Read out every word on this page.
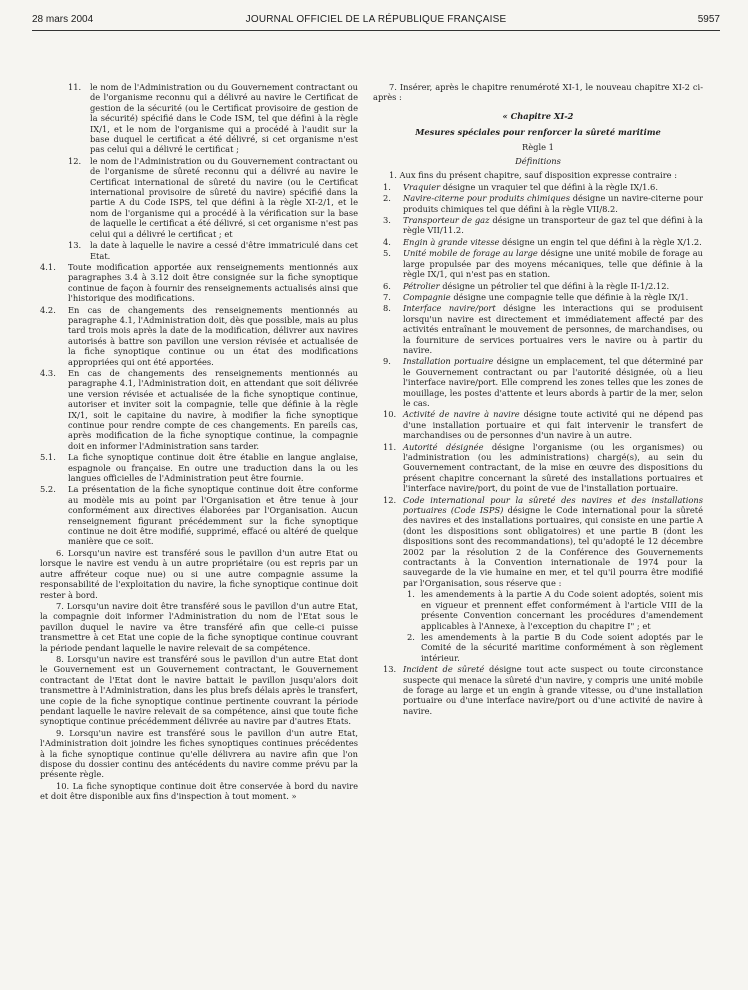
28 mars 2004	JOURNAL OFFICIEL DE LA RÉPUBLIQUE FRANÇAISE	5957
11. le nom de l'Administration ou du Gouvernement contractant ou de l'organisme reconnu qui a délivré au navire le Certificat de gestion de la sécurité (ou le Certificat provisoire de gestion de la sécurité) spécifié dans le Code ISM, tel que défini à la règle IX/1, et le nom de l'organisme qui a procédé à l'audit sur la base duquel le certificat a été délivré, si cet organisme n'est pas celui qui a délivré le certificat ;
12. le nom de l'Administration ou du Gouvernement contractant ou de l'organisme de sûreté reconnu qui a délivré au navire le Certificat international de sûreté du navire (ou le Certificat international provisoire de sûreté du navire) spécifié dans la partie A du Code ISPS, tel que défini à la règle XI-2/1, et le nom de l'organisme qui a procédé à la vérification sur la base de laquelle le certificat a été délivré, si cet organisme n'est pas celui qui a délivré le certificat ; et
13. la date à laquelle le navire a cessé d'être immatriculé dans cet Etat.
4.1. Toute modification apportée aux renseignements mentionnés aux paragraphes 3.4 à 3.12 doit être consignée sur la fiche synoptique continue de façon à fournir des renseignements actualisés ainsi que l'historique des modifications.
4.2. En cas de changements des renseignements mentionnés au paragraphe 4.1, l'Administration doit, dès que possible, mais au plus tard trois mois après la date de la modification, délivrer aux navires autorisés à battre son pavillon une version révisée et actualisée de la fiche synoptique continue ou un état des modifications appropriées qui ont été apportées.
4.3. En cas de changements des renseignements mentionnés au paragraphe 4.1, l'Administration doit, en attendant que soit délivrée une version révisée et actualisée de la fiche synoptique continue, autoriser et inviter soit la compagnie, telle que définie à la règle IX/1, soit le capitaine du navire, à modifier la fiche synoptique continue pour rendre compte de ces changements. En pareils cas, après modification de la fiche synoptique continue, la compagnie doit en informer l'Administration sans tarder.
5.1. La fiche synoptique continue doit être établie en langue anglaise, espagnole ou française. En outre une traduction dans la ou les langues officielles de l'Administration peut être fournie.
5.2. La présentation de la fiche synoptique continue doit être conforme au modèle mis au point par l'Organisation et être tenue à jour conformément aux directives élaborées par l'Organisation. Aucun renseignement figurant précédemment sur la fiche synoptique continue ne doit être modifié, supprimé, effacé ou altéré de quelque manière que ce soit.

6. Lorsqu'un navire est transféré sous le pavillon d'un autre Etat ou lorsque le navire est vendu à un autre propriétaire (ou est repris par un autre affréteur coque nue) ou si une autre compagnie assume la responsabilité de l'exploitation du navire, la fiche synoptique continue doit rester à bord.

7. Lorsqu'un navire doit être transféré sous le pavillon d'un autre Etat, la compagnie doit informer l'Administration du nom de l'Etat sous le pavillon duquel le navire va être transféré afin que celle-ci puisse transmettre à cet Etat une copie de la fiche synoptique continue couvrant la période pendant laquelle le navire relevait de sa compétence.

8. Lorsqu'un navire est transféré sous le pavillon d'un autre Etat dont le Gouvernement est un Gouvernement contractant, le Gouvernement contractant de l'Etat dont le navire battait le pavillon jusqu'alors doit transmettre à l'Administration, dans les plus brefs délais après le transfert, une copie de la fiche synoptique continue pertinente couvrant la période pendant laquelle le navire relevait de sa compétence, ainsi que toute fiche synoptique continue précédemment délivrée au navire par d'autres Etats.

9. Lorsqu'un navire est transféré sous le pavillon d'un autre Etat, l'Administration doit joindre les fiches synoptiques continues précédentes à la fiche synoptique continue qu'elle délivrera au navire afin que l'on dispose du dossier continu des antécédents du navire comme prévu par la présente règle.

10. La fiche synoptique continue doit être conservée à bord du navire et doit être disponible aux fins d'inspection à tout moment. »

7. Insérer, après le chapitre renuméroté XI-1, le nouveau chapitre XI-2 ci-après :

« Chapitre XI-2

Mesures spéciales pour renforcer la sûreté maritime

Règle 1

Définitions

1. Aux fins du présent chapitre, sauf disposition expresse contraire :

1. Vraquier désigne un vraquier tel que défini à la règle IX/1.6.
2. Navire-citerne pour produits chimiques désigne un navire-citerne pour produits chimiques tel que défini à la règle VII/8.2.
3. Transporteur de gaz désigne un transporteur de gaz tel que défini à la règle VII/11.2.
4. Engin à grande vitesse désigne un engin tel que défini à la règle X/1.2.
5. Unité mobile de forage au large désigne une unité mobile de forage au large propulsée par des moyens mécaniques, telle que définie à la règle IX/1, qui n'est pas en station.
6. Pétrolier désigne un pétrolier tel que défini à la règle II-1/2.12.
7. Compagnie désigne une compagnie telle que définie à la règle IX/1.
8. Interface navire/port désigne les interactions qui se produisent lorsqu'un navire est directement et immédiatement affecté par des activités entraînant le mouvement de personnes, de marchandises, ou la fourniture de services portuaires vers le navire ou à partir du navire.
9. Installation portuaire désigne un emplacement, tel que déterminé par le Gouvernement contractant ou par l'autorité désignée, où a lieu l'interface navire/port. Elle comprend les zones telles que les zones de mouillage, les postes d'attente et leurs abords à partir de la mer, selon le cas.
10. Activité de navire à navire désigne toute activité qui ne dépend pas d'une installation portuaire et qui fait intervenir le transfert de marchandises ou de personnes d'un navire à un autre.
11. Autorité désignée désigne l'organisme (ou les organismes) ou l'administration (ou les administrations) chargé(s), au sein du Gouvernement contractant, de la mise en œuvre des dispositions du présent chapitre concernant la sûreté des installations portuaires et l'interface navire/port, du point de vue de l'installation portuaire.
12. Code international pour la sûreté des navires et des installations portuaires (Code ISPS) désigne le Code international pour la sûreté des navires et des installations portuaires, qui consiste en une partie A (dont les dispositions sont obligatoires) et une partie B (dont les dispositions sont des recommandations), tel qu'adopté le 12 décembre 2002 par la résolution 2 de la Conférence des Gouvernements contractants à la Convention internationale de 1974 pour la sauvegarde de la vie humaine en mer, et tel qu'il pourra être modifié par l'Organisation, sous réserve que :
1. les amendements à la partie A du Code soient adoptés, soient mis en vigueur et prennent effet conformément à l'article VIII de la présente Convention concernant les procédures d'amendement applicables à l'Annexe, à l'exception du chapitre I" ; et
2. les amendements à la partie B du Code soient adoptés par le Comité de la sécurité maritime conformément à son règlement intérieur.
13. Incident de sûreté désigne tout acte suspect ou toute circonstance suspecte qui menace la sûreté d'un navire, y compris une unité mobile de forage au large et un engin à grande vitesse, ou d'une installation portuaire ou d'une interface navire/port ou d'une activité de navire à navire.
